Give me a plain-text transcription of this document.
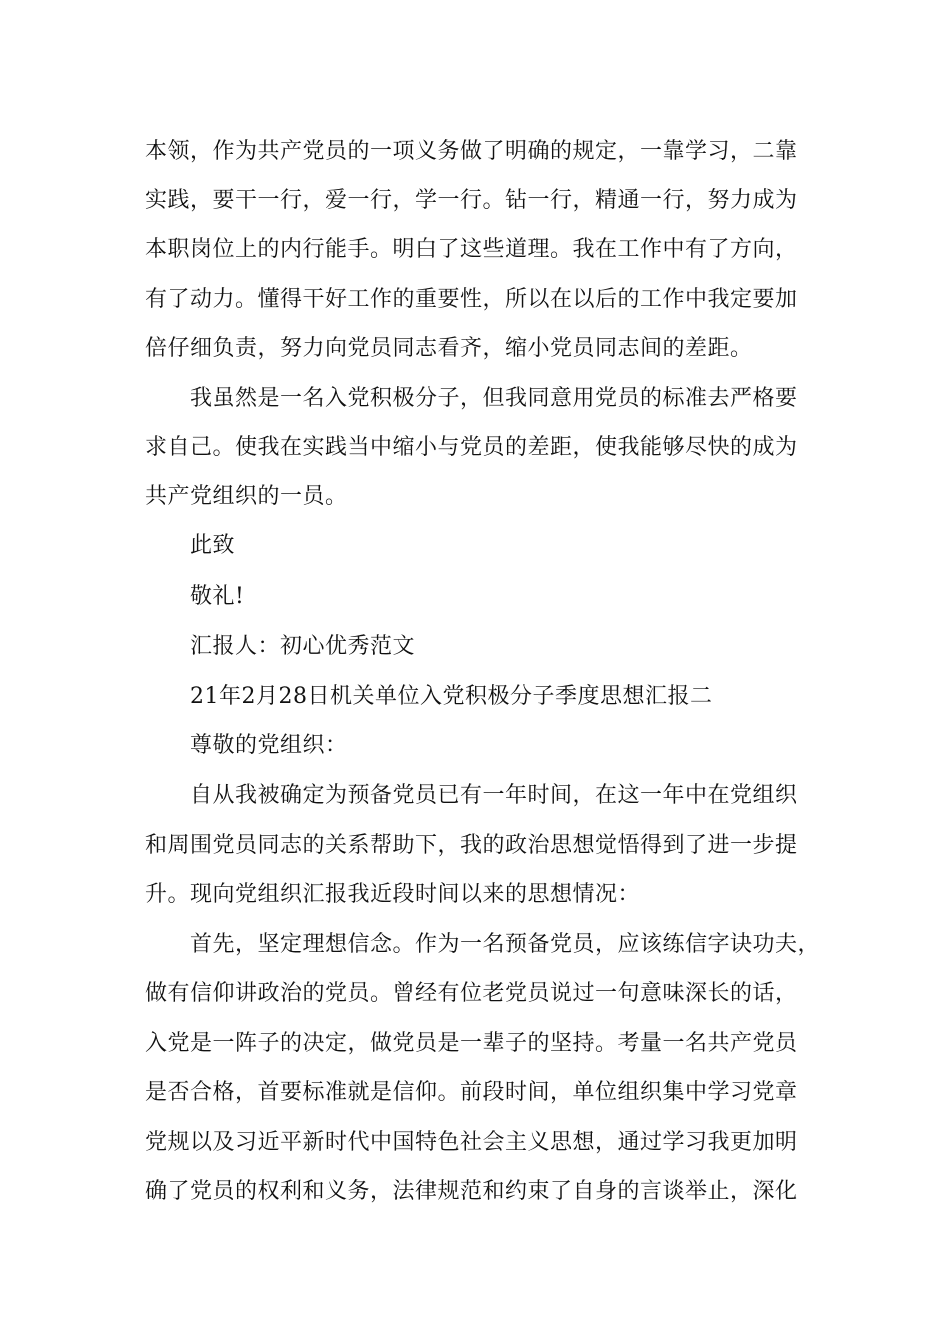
本领，作为共产党员的一项义务做了明确的规定，一靠学习，二靠
实践，要干一行，爱一行，学一行。钻一行，精通一行，努力成为
本职岗位上的内行能手。明白了这些道理。我在工作中有了方向，
有了动力。懂得干好工作的重要性，所以在以后的工作中我定要加
倍仔细负责，努力向党员同志看齐，缩小党员同志间的差距。
我虽然是一名入党积极分子，但我同意用党员的标准去严格要
求自己。使我在实践当中缩小与党员的差距，使我能够尽快的成为
共产党组织的一员。
此致
敬礼!
汇报人：初心优秀范文
21年2月28日机关单位入党积极分子季度思想汇报二
尊敬的党组织：
自从我被确定为预备党员已有一年时间，在这一年中在党组织
和周围党员同志的关系帮助下，我的政治思想觉悟得到了进一步提
升。现向党组织汇报我近段时间以来的思想情况：
首先，坚定理想信念。作为一名预备党员，应该练信字诀功夫，
做有信仰讲政治的党员。曾经有位老党员说过一句意味深长的话，
入党是一阵子的决定，做党员是一辈子的坚持。考量一名共产党员
是否合格，首要标准就是信仰。前段时间，单位组织集中学习党章
党规以及习近平新时代中国特色社会主义思想，通过学习我更加明
确了党员的权利和义务，法律规范和约束了自身的言谈举止，深化
